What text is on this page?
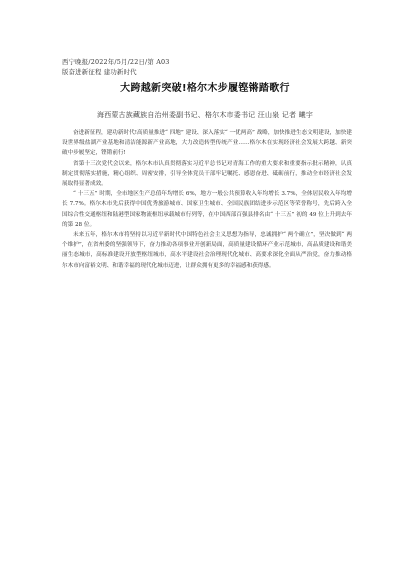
西宁晚报/2022年/5月/22日/第 A03
版奋进新征程 建功新时代
大跨越新突破!格尔木步履铿锵踏歌行
海西蒙古族藏族自治州委副书记、格尔木市委书记 汪山泉 记者 曦宇

奋进新征程，建功新时代!高质量推进“ 四地” 建设、深入落实“ 一优两高” 战略，加快推进生态文明建设，加快建设世界级盐湖产业基地和清洁能源新产业高地，大力改造转型传统产业……格尔木在实现经济社会发展大跨越、新突破中步履坚定，铿锵前行!

省第十三次党代会以来，格尔木市认真贯彻落实习近平总书记对青海工作的重大要求和重要指示批示精神，认真制定贯彻落实措施，精心组织、周密安排，引导全体党员干部牢记嘱托、感恩奋进、砥砺前行，推动全市经济社会发展取得显著成效。

“ 十三五” 时期，全市地区生产总值年均增长 6%，地方一般公共预算收入年均增长 3.7%，全体居民收入年均增长 7.7%。格尔木市先后获得中国优秀旅游城市、国家卫生城市、全国民族团结进步示范区等荣誉称号，先后跨入全国综合性交通枢纽和陆港型国家物流枢纽承载城市行列等，在中国西部百强县排名由“ 十三五” 初的 49 位上升到去年的第 28 位。

未来五年，格尔木市将坚持以习近平新时代中国特色社会主义思想为指导，忠诚拥护“ 两个确立”，坚决做到“ 两个维护”，在省州委的坚强领导下，奋力推动各项事业开创新局面，高质量建设循环产业示范城市，高品质建设和谐美丽生态城市，高标准建设开放型枢纽城市，高水平建设社会治理现代化城市、高要求深化全面从严治党，奋力推动格尔木市向富裕文明、和谐幸福的现代化城市迈进，让群众拥有更多的幸福感和获得感。
